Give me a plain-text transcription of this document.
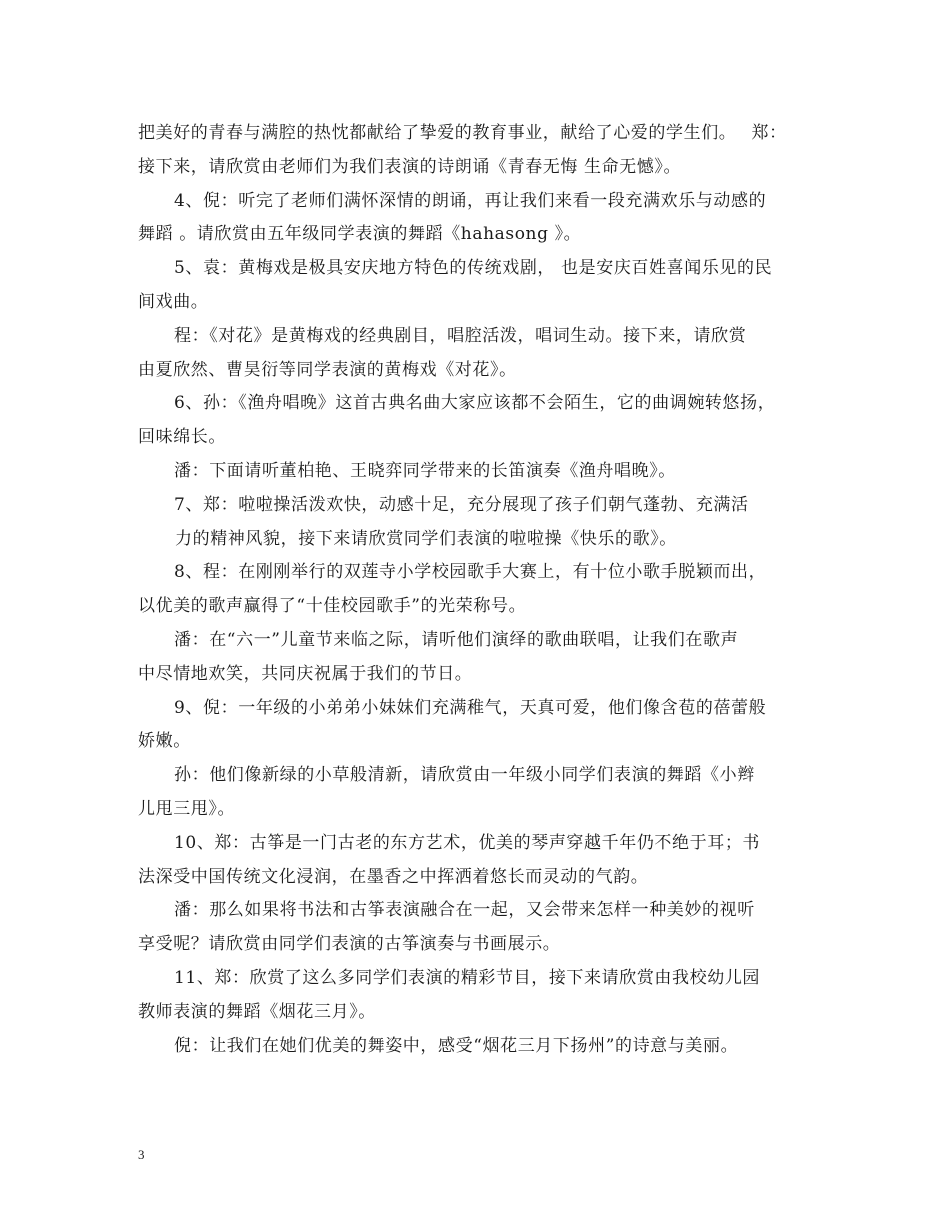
把美好的青春与满腔的热忱都献给了挚爱的教育事业，献给了心爱的学生们。　 郑：
接下来，请欣赏由老师们为我们表演的诗朗诵《青春无悔 生命无憾》。
4、倪：听完了老师们满怀深情的朗诵，再让我们来看一段充满欢乐与动感的
舞蹈 。请欣赏由五年级同学表演的舞蹈《hahasong 》。
5、袁：黄梅戏是极具安庆地方特色的传统戏剧， 也是安庆百姓喜闻乐见的民
间戏曲。
程：《对花》是黄梅戏的经典剧目，唱腔活泼，唱词生动。接下来，请欣赏
由夏欣然、曹昊衍等同学表演的黄梅戏《对花》。
6、孙：《渔舟唱晚》这首古典名曲大家应该都不会陌生，它的曲调婉转悠扬，
回味绵长。
潘：下面请听董柏艳、王晓弈同学带来的长笛演奏《渔舟唱晚》。
7、郑：啦啦操活泼欢快，动感十足，充分展现了孩子们朝气蓬勃、充满活
力的精神风貌，接下来请欣赏同学们表演的啦啦操《快乐的歌》。
8、程：在刚刚举行的双莲寺小学校园歌手大赛上，有十位小歌手脱颖而出，
以优美的歌声赢得了“十佳校园歌手”的光荣称号。
潘：在“六一”儿童节来临之际，请听他们演绎的歌曲联唱，让我们在歌声
中尽情地欢笑，共同庆祝属于我们的节日。
9、倪：一年级的小弟弟小妹妹们充满稚气，天真可爱，他们像含苞的蓓蕾般
娇嫩。
孙：他们像新绿的小草般清新，请欣赏由一年级小同学们表演的舞蹈《小辫
儿甩三甩》。
10、郑：古筝是一门古老的东方艺术，优美的琴声穿越千年仍不绝于耳；书
法深受中国传统文化浸润，在墨香之中挥洒着悠长而灵动的气韵。
潘：那么如果将书法和古筝表演融合在一起，又会带来怎样一种美妙的视听
享受呢？请欣赏由同学们表演的古筝演奏与书画展示。
11、郑：欣赏了这么多同学们表演的精彩节目，接下来请欣赏由我校幼儿园
教师表演的舞蹈《烟花三月》。
倪：让我们在她们优美的舞姿中，感受“烟花三月下扬州”的诗意与美丽。
3
